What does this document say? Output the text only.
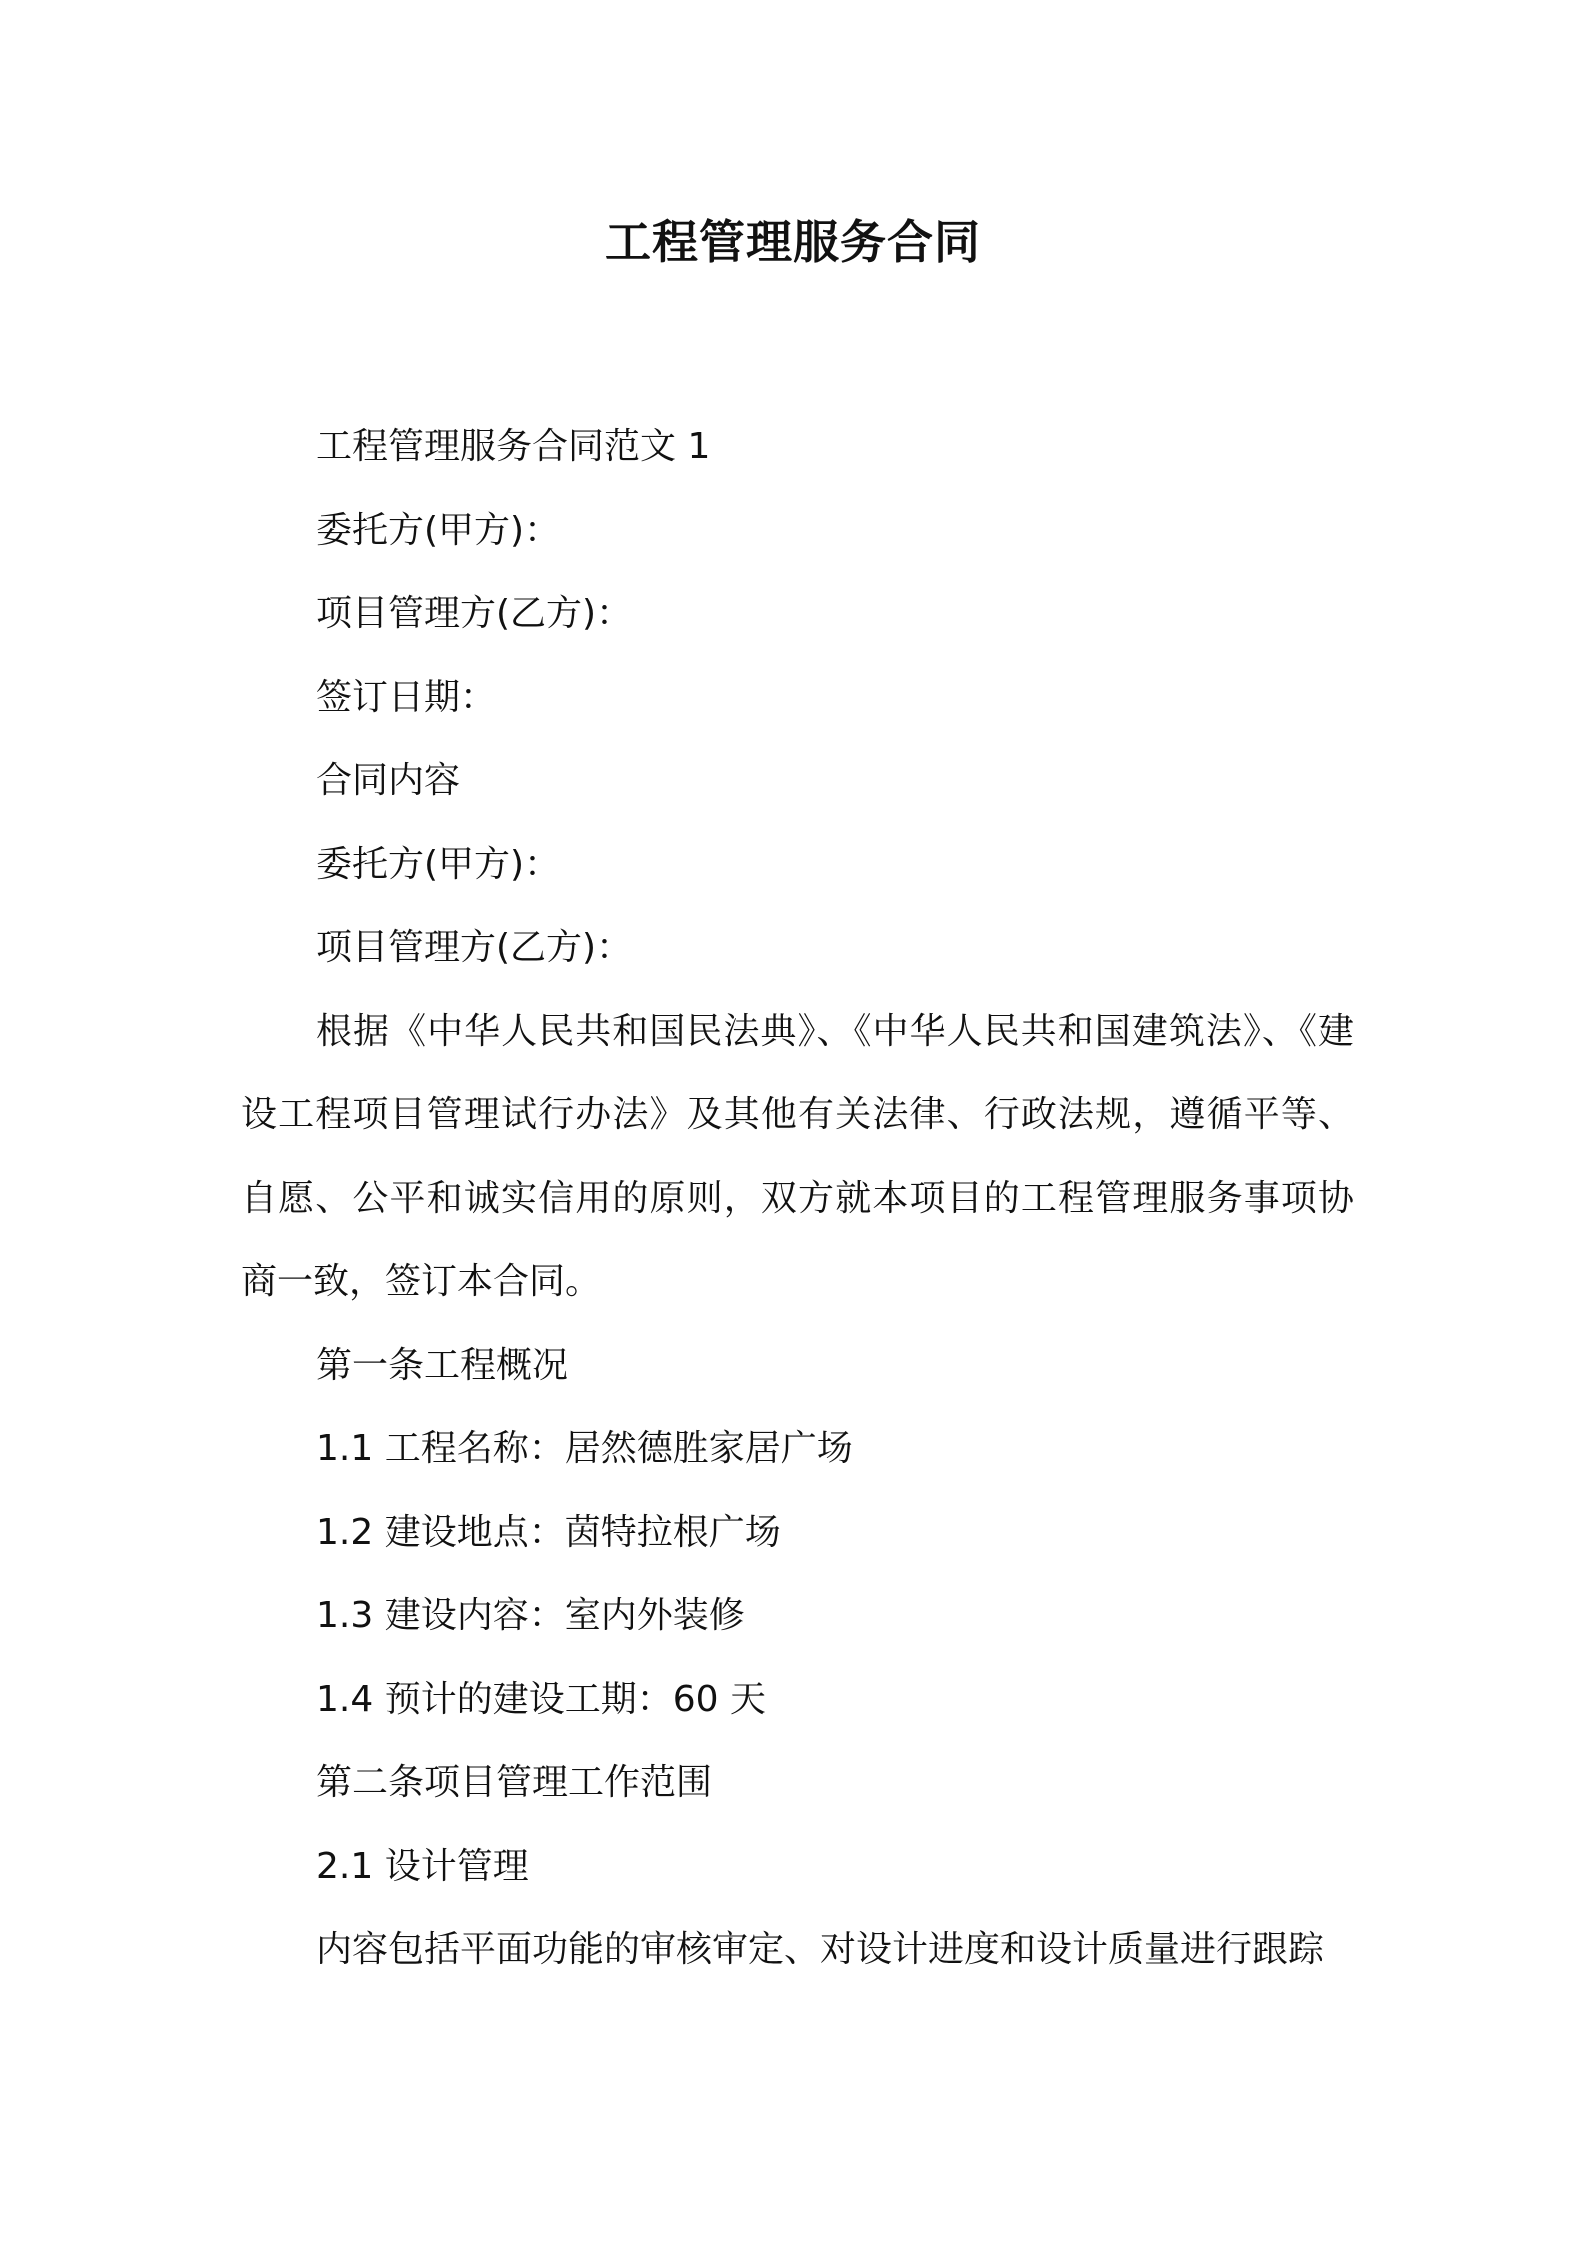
工程管理服务合同

工程管理服务合同范文 1

委托方(甲方)：

项目管理方(乙方)：

签订日期：

合同内容

委托方(甲方)：

项目管理方(乙方)：

根据《中华人民共和国民法典》、《中华人民共和国建筑法》、《建设工程项目管理试行办法》及其他有关法律、行政法规，遵循平等、自愿、公平和诚实信用的原则，双方就本项目的工程管理服务事项协商一致，签订本合同。

第一条工程概况

1.1 工程名称：居然德胜家居广场

1.2 建设地点：茵特拉根广场

1.3 建设内容：室内外装修

1.4 预计的建设工期：60 天

第二条项目管理工作范围

2.1 设计管理

内容包括平面功能的审核审定、对设计进度和设计质量进行跟踪
